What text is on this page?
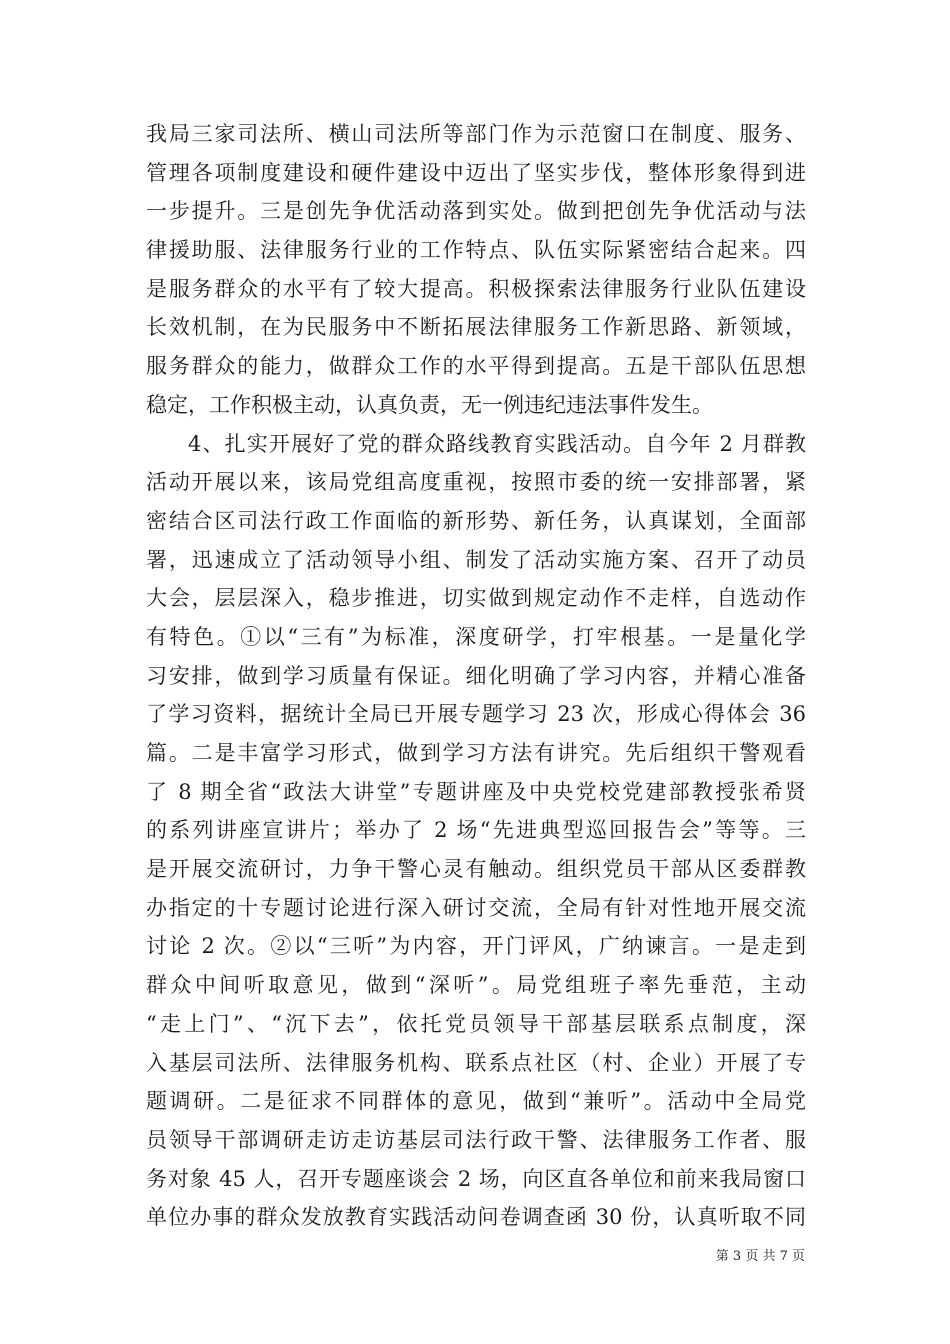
我局三家司法所、横山司法所等部门作为示范窗口在制度、服务、
管理各项制度建设和硬件建设中迈出了坚实步伐，整体形象得到进
一步提升。三是创先争优活动落到实处。做到把创先争优活动与法
律援助服、法律服务行业的工作特点、队伍实际紧密结合起来。四
是服务群众的水平有了较大提高。积极探索法律服务行业队伍建设
长效机制，在为民服务中不断拓展法律服务工作新思路、新领域，
服务群众的能力，做群众工作的水平得到提高。五是干部队伍思想
稳定，工作积极主动，认真负责，无一例违纪违法事件发生。
4、扎实开展好了党的群众路线教育实践活动。自今年 2 月群教
活动开展以来，该局党组高度重视，按照市委的统一安排部署，紧
密结合区司法行政工作面临的新形势、新任务，认真谋划，全面部
署，迅速成立了活动领导小组、制发了活动实施方案、召开了动员
大会，层层深入，稳步推进，切实做到规定动作不走样，自选动作
有特色。①以“三有”为标准，深度研学，打牢根基。一是量化学
习安排，做到学习质量有保证。细化明确了学习内容，并精心准备
了学习资料，据统计全局已开展专题学习 23 次，形成心得体会 36
篇。二是丰富学习形式，做到学习方法有讲究。先后组织干警观看
了 8 期全省“政法大讲堂”专题讲座及中央党校党建部教授张希贤
的系列讲座宣讲片；举办了 2 场“先进典型巡回报告会”等等。三
是开展交流研讨，力争干警心灵有触动。组织党员干部从区委群教
办指定的十专题讨论进行深入研讨交流，全局有针对性地开展交流
讨论 2 次。②以“三听”为内容，开门评风，广纳谏言。一是走到
群众中间听取意见，做到“深听”。局党组班子率先垂范，主动
“走上门”、“沉下去”，依托党员领导干部基层联系点制度，深
入基层司法所、法律服务机构、联系点社区（村、企业）开展了专
题调研。二是征求不同群体的意见，做到“兼听”。活动中全局党
员领导干部调研走访走访基层司法行政干警、法律服务工作者、服
务对象 45 人，召开专题座谈会 2 场，向区直各单位和前来我局窗口
单位办事的群众发放教育实践活动问卷调查函 30 份，认真听取不同
第 3 页 共 7 页
